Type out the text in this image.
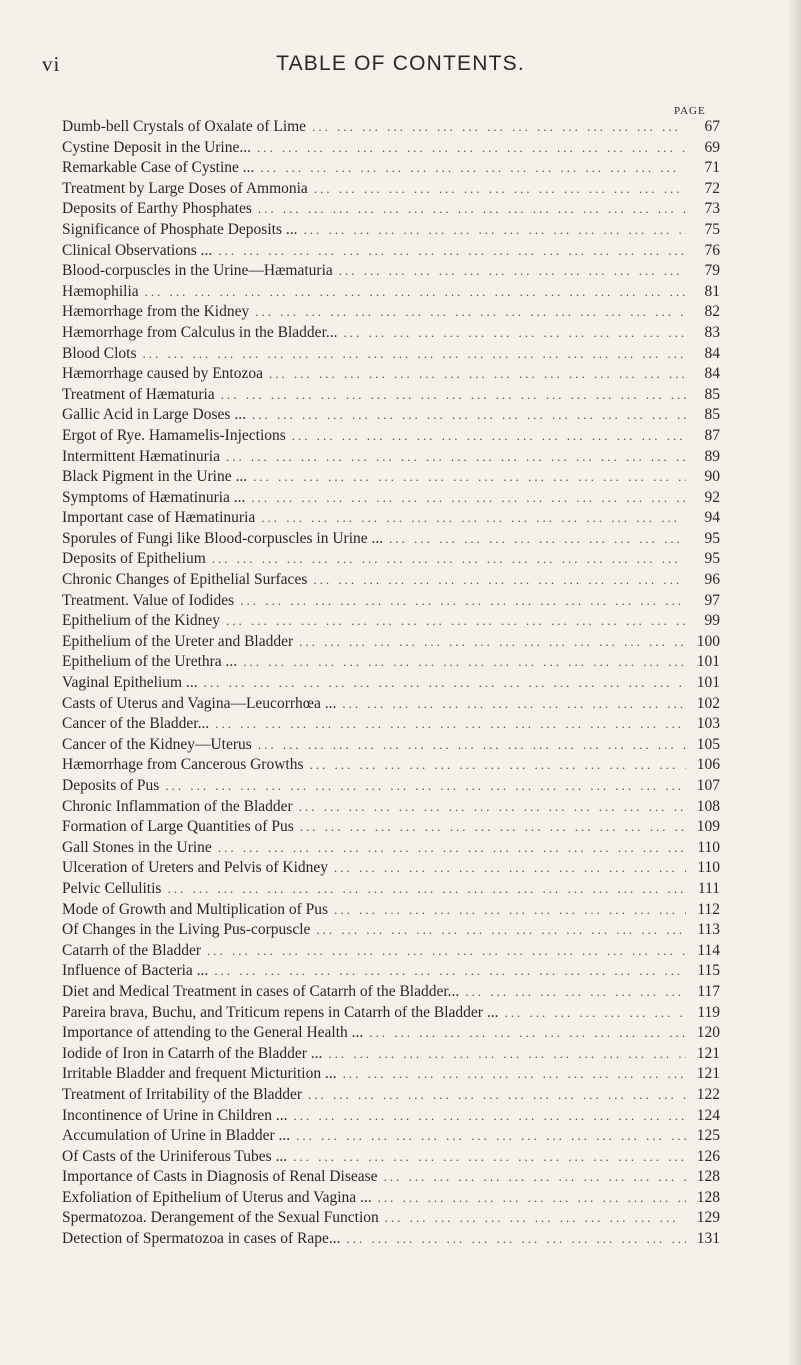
vi	TABLE OF CONTENTS.
PAGE
Dumb-bell Crystals of Oxalate of Lime ... .	67
Cystine Deposit in the Urine... ... .	69
Remarkable Case of Cystine ... ... .	71
Treatment by Large Doses of Ammonia ... .	72
Deposits of Earthy Phosphates ... .	73
Significance of Phosphate Deposits ... ... .	75
Clinical Observations ... ... .	76
Blood-corpuscles in the Urine—Hæmaturia ... .	79
Hæmophilia ... .	81
Hæmorrhage from the Kidney ... .	82
Hæmorrhage from Calculus in the Bladder... ... .	83
Blood Clots ... .	84
Hæmorrhage caused by Entozoa ... .	84
Treatment of Hæmaturia ... .	85
Gallic Acid in Large Doses ... ... .	85
Ergot of Rye. Hamamelis-Injections ... .	87
Intermittent Hæmatinuria ... .	89
Black Pigment in the Urine ... ... .	90
Symptoms of Hæmatinuria ... ... .	92
Important case of Hæmatinuria ... .	94
Sporules of Fungi like Blood-corpuscles in Urine ... ... .	95
Deposits of Epithelium ... .	95
Chronic Changes of Epithelial Surfaces ... .	96
Treatment. Value of Iodides ... .	97
Epithelium of the Kidney ... .	99
Epithelium of the Ureter and Bladder ... .	100
Epithelium of the Urethra ... ... .	101
Vaginal Epithelium ... ... .	101
Casts of Uterus and Vagina—Leucorrhœa ... ... .	102
Cancer of the Bladder... ... .	103
Cancer of the Kidney—Uterus ... .	105
Hæmorrhage from Cancerous Growths ... .	106
Deposits of Pus ... .	107
Chronic Inflammation of the Bladder ... .	108
Formation of Large Quantities of Pus ... .	109
Gall Stones in the Urine ... .	110
Ulceration of Ureters and Pelvis of Kidney ... .	110
Pelvic Cellulitis ... .	111
Mode of Growth and Multiplication of Pus ... .	112
Of Changes in the Living Pus-corpuscle ... .	113
Catarrh of the Bladder ... .	114
Influence of Bacteria ... ... .	115
Diet and Medical Treatment in cases of Catarrh of the Bladder... ... .	117
Pareira brava, Buchu, and Triticum repens in Catarrh of the Bladder ... ... .	119
Importance of attending to the General Health ... ... .	120
Iodide of Iron in Catarrh of the Bladder ... ... .	121
Irritable Bladder and frequent Micturition ... ... .	121
Treatment of Irritability of the Bladder ... .	122
Incontinence of Urine in Children ... ... .	124
Accumulation of Urine in Bladder ... ... .	125
Of Casts of the Uriniferous Tubes ... ... .	126
Importance of Casts in Diagnosis of Renal Disease ... .	128
Exfoliation of Epithelium of Uterus and Vagina ... ... .	128
Spermatozoa. Derangement of the Sexual Function ... .	129
Detection of Spermatozoa in cases of Rape... ... .	131
